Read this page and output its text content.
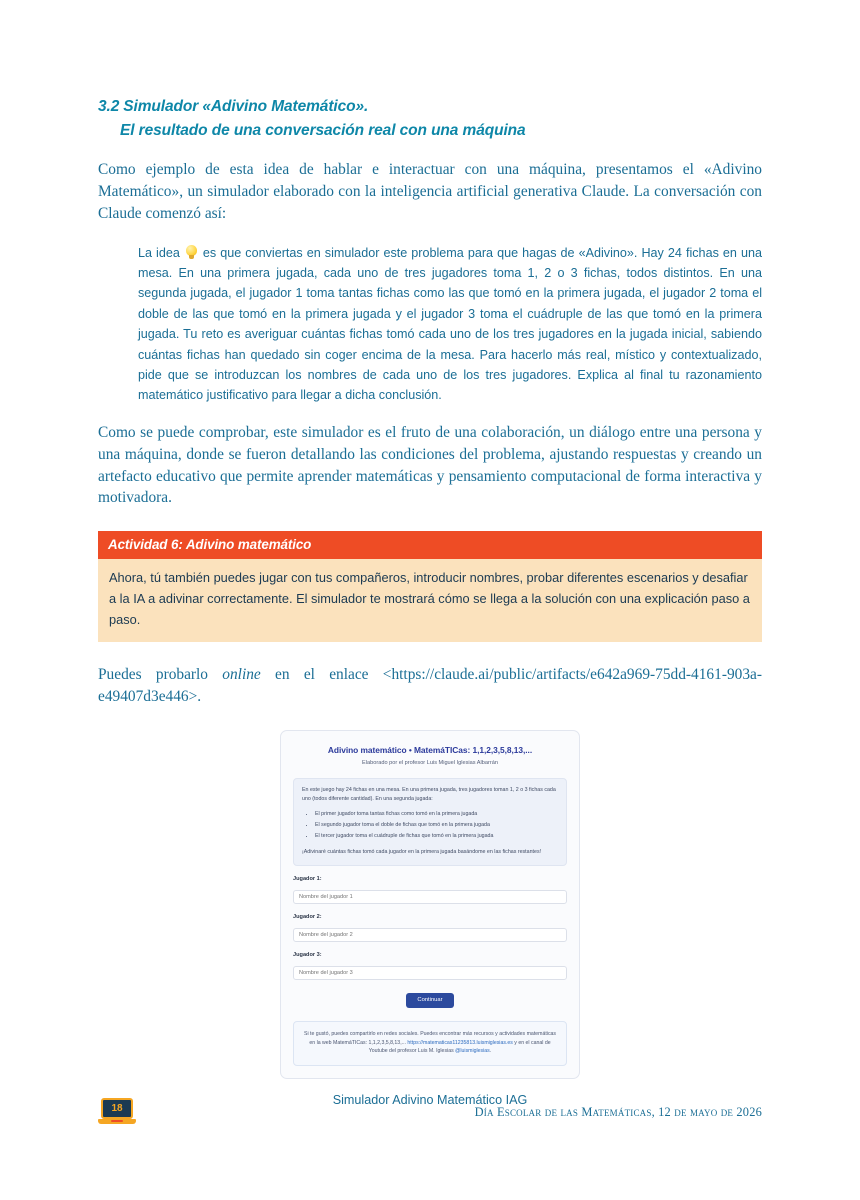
3.2 Simulador «Adivino Matemático».
El resultado de una conversación real con una máquina

Como ejemplo de esta idea de hablar e interactuar con una máquina, presentamos el «Adivino Matemático», un simulador elaborado con la inteligencia artificial generativa Claude. La conversación con Claude comenzó así:

La idea es que conviertas en simulador este problema para que hagas de «Adivino». Hay 24 fichas en una mesa. En una primera jugada, cada uno de tres jugadores toma 1, 2 o 3 fichas, todos distintos. En una segunda jugada, el jugador 1 toma tantas fichas como las que tomó en la primera jugada, el jugador 2 toma el doble de las que tomó en la primera jugada y el jugador 3 toma el cuádruple de las que tomó en la primera jugada. Tu reto es averiguar cuántas fichas tomó cada uno de los tres jugadores en la jugada inicial, sabiendo cuántas fichas han quedado sin coger encima de la mesa. Para hacerlo más real, místico y contextualizado, pide que se introduzcan los nombres de cada uno de los tres jugadores. Explica al final tu razonamiento matemático justificativo para llegar a dicha conclusión.

Como se puede comprobar, este simulador es el fruto de una colaboración, un diálogo entre una persona y una máquina, donde se fueron detallando las condiciones del problema, ajustando respuestas y creando un artefacto educativo que permite aprender matemáticas y pensamiento computacional de forma interactiva y motivadora.

Actividad 6: Adivino matemático
Ahora, tú también puedes jugar con tus compañeros, introducir nombres, probar diferentes escenarios y desafiar a la IA a adivinar correctamente. El simulador te mostrará cómo se llega a la solución con una explicación paso a paso.

Puedes probarlo online en el enlace <https://claude.ai/public/artifacts/e642a969-75dd-4161-903a-e49407d3e446>.

Adivino matemático • MatemáTICas: 1,1,2,3,5,8,13,...
Elaborado por el profesor Luis Miguel Iglesias Albarrán
En este juego hay 24 fichas en una mesa. En una primera jugada, tres jugadores toman 1, 2 o 3 fichas cada uno (todos diferente cantidad). En una segunda jugada:
• El primer jugador toma tantas fichas como tomó en la primera jugada
• El segundo jugador toma el doble de fichas que tomó en la primera jugada
• El tercer jugador toma el cuádruple de fichas que tomó en la primera jugada
¡Adivinaré cuántas fichas tomó cada jugador en la primera jugada basándome en las fichas restantes!
Jugador 1:
Nombre del jugador 1
Jugador 2:
Nombre del jugador 2
Jugador 3:
Nombre del jugador 3
Continuar
Si te gustó, puedes compartirlo en redes sociales. Puedes encontrar más recursos y actividades matemáticas en la web MatemáTICas: 1,1,2,3,5,8,13,... https://matematicas11235813.luismiglesias.es y en el canal de Youtube del profesor Luis M. Iglesias @luismiglesias.
Simulador Adivino Matemático IAG
18	Día Escolar de las Matemáticas, 12 de mayo de 2026
